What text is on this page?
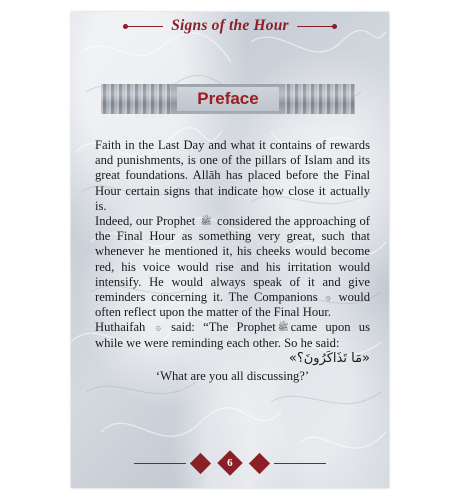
Signs of the Hour
Preface

Faith in the Last Day and what it contains of rewards and punishments, is one of the pillars of Islam and its great foundations. Allāh has placed before the Final Hour certain signs that indicate how close it actually is.

Indeed, our Prophet ﷺ considered the approaching of the Final Hour as something very great, such that whenever he mentioned it, his cheeks would become red, his voice would rise and his irritation would intensify. He would always speak of it and give reminders concerning it. The Companions ۞ would often reflect upon the matter of the Final Hour.

Huthaifah ۞ said: “The Prophet ﷺ came upon us while we were reminding each other. So he said:

«مَا تَذَاكَرُونَ؟»

‘What are you all discussing?’

6
